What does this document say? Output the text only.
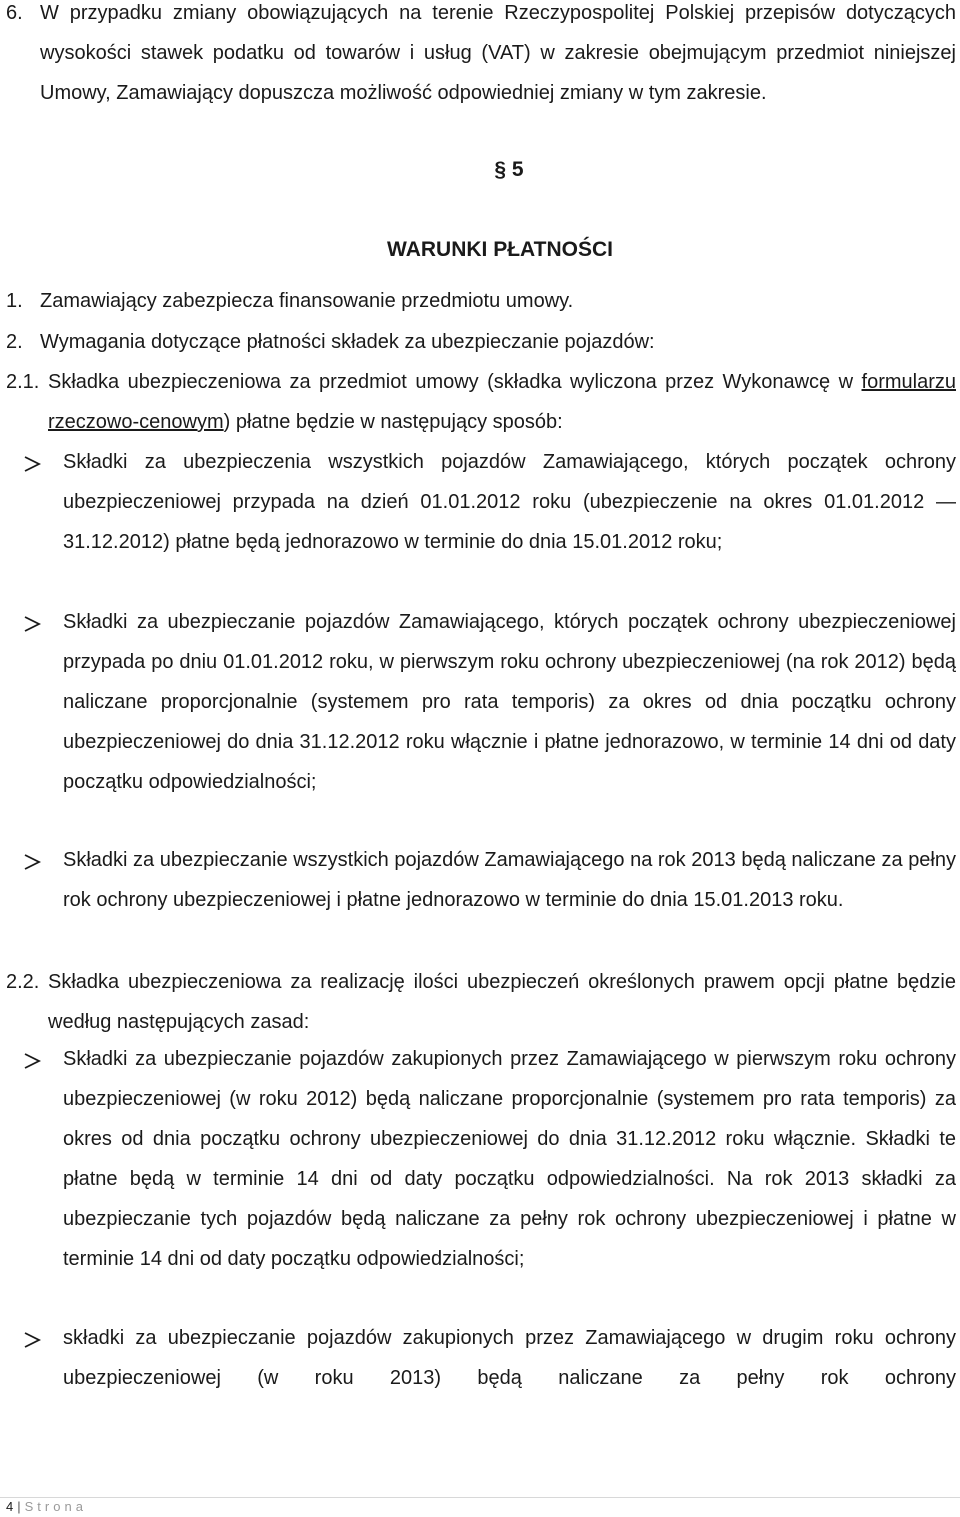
6. W przypadku zmiany obowiązujących na terenie Rzeczypospolitej Polskiej przepisów dotyczących wysokości stawek podatku od towarów i usług (VAT) w zakresie obejmującym przedmiot niniejszej Umowy, Zamawiający dopuszcza możliwość odpowiedniej zmiany w tym zakresie.
§ 5
WARUNKI PŁATNOŚCI
1. Zamawiający zabezpiecza finansowanie przedmiotu umowy.
2. Wymagania dotyczące płatności składek za ubezpieczanie pojazdów:
2.1. Składka ubezpieczeniowa za przedmiot umowy (składka wyliczona przez Wykonawcę w formularzu rzeczowo-cenowym) płatne będzie w następujący sposób:
Składki za ubezpieczenia wszystkich pojazdów Zamawiającego, których początek ochrony ubezpieczeniowej przypada na dzień 01.01.2012 roku (ubezpieczenie na okres 01.01.2012 — 31.12.2012) płatne będą jednorazowo w terminie do dnia 15.01.2012 roku;
Składki za ubezpieczanie pojazdów Zamawiającego, których początek ochrony ubezpieczeniowej przypada po dniu 01.01.2012 roku, w pierwszym roku ochrony ubezpieczeniowej (na rok 2012) będą naliczane proporcjonalnie (systemem pro rata temporis) za okres od dnia początku ochrony ubezpieczeniowej do dnia 31.12.2012 roku włącznie i płatne jednorazowo, w terminie 14 dni od daty początku odpowiedzialności;
Składki za ubezpieczanie wszystkich pojazdów Zamawiającego na rok 2013 będą naliczane za pełny rok ochrony ubezpieczeniowej i płatne jednorazowo w terminie do dnia 15.01.2013 roku.
2.2. Składka ubezpieczeniowa za realizację ilości ubezpieczeń określonych prawem opcji płatne będzie według następujących zasad:
Składki za ubezpieczanie pojazdów zakupionych przez Zamawiającego w pierwszym roku ochrony ubezpieczeniowej (w roku 2012) będą naliczane proporcjonalnie (systemem pro rata temporis) za okres od dnia początku ochrony ubezpieczeniowej do dnia 31.12.2012 roku włącznie. Składki te płatne będą w terminie 14 dni od daty początku odpowiedzialności. Na rok 2013 składki za ubezpieczanie tych pojazdów będą naliczane za pełny rok ochrony ubezpieczeniowej i płatne w terminie 14 dni od daty początku odpowiedzialności;
składki za ubezpieczanie pojazdów zakupionych przez Zamawiającego w drugim roku ochrony ubezpieczeniowej (w roku 2013) będą naliczane za pełny rok ochrony
4 | Strona
